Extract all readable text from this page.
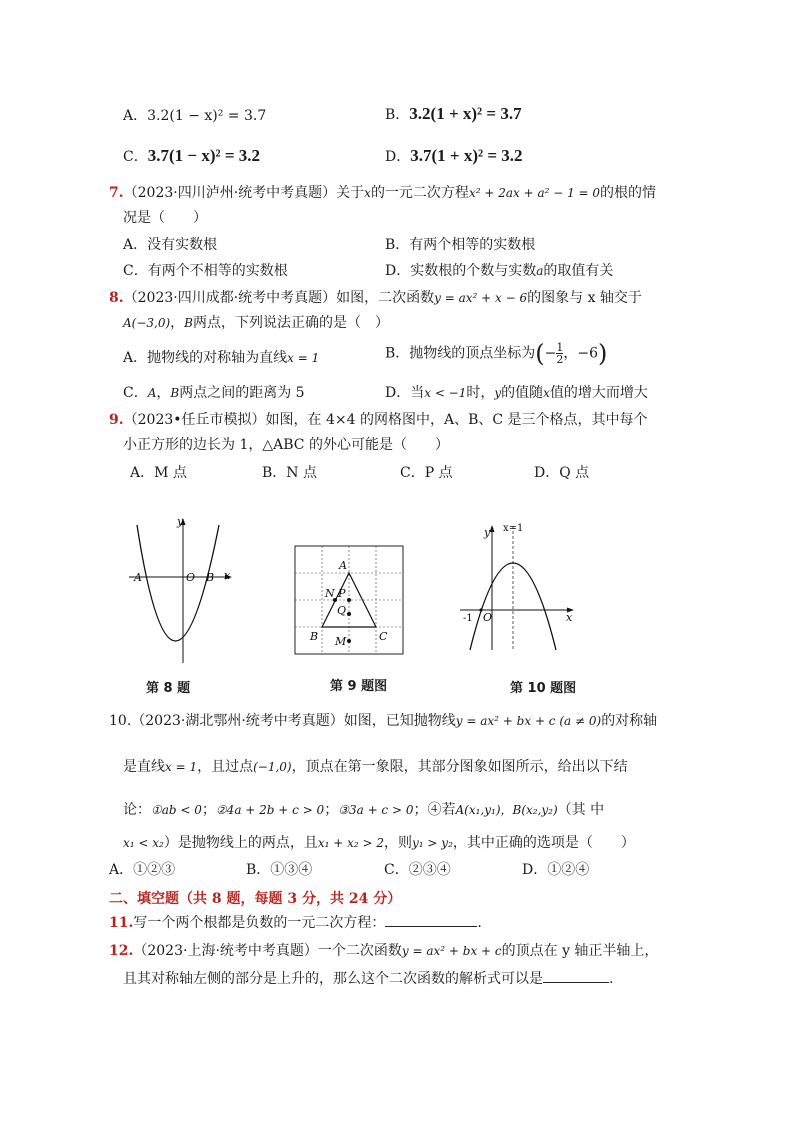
A．3.2(1 − x)² = 3.7	B．3.2(1 + x)² = 3.7
C．3.7(1 − x)² = 3.2	D．3.7(1 + x)² = 3.2
7.（2023·四川泸州·统考中考真题）关于x的一元二次方程x² + 2ax + a² − 1 = 0的根的情
况是（　　）
A．没有实数根	B．有两个相等的实数根
C．有两个不相等的实数根	D．实数根的个数与实数a的取值有关
8.（2023·四川成都·统考中考真题）如图，二次函数y = ax² + x − 6的图象与 x 轴交于
A(−3,0)，B两点，下列说法正确的是（　）
A．抛物线的对称轴为直线x = 1	B．抛物线的顶点坐标为(− $\frac{1}{2}$ ，−6)
C．A，B两点之间的距离为 5	D．当x < −1时，y的值随x值的增大而增大
9.（2023•任丘市模拟）如图，在 4×4 的网格图中，A、B、C 是三个格点，其中每个
小正方形的边长为 1，△ABC 的外心可能是（　　）
A．M 点	B．N 点	C．P 点	D．Q 点
y
x
A	O B
第 8 题
A
N P
Q
B M	C
第 9 题图
y x=1
-1 O	x
第 10 题图
10.（2023·湖北鄂州·统考中考真题）如图，已知抛物线y = ax² + bx + c (a ≠ 0)的对称轴
是直线x = 1，且过点(−1,0)，顶点在第一象限，其部分图象如图所示，给出以下结
论：①ab < 0；②4a + 2b + c > 0；③3a + c > 0；④若A(x₁,y₁)，B(x₂,y₂)（其 中
x₁ < x₂）是抛物线上的两点，且x₁ + x₂ > 2，则y₁ > y₂，其中正确的选项是（　　）
A．①②③	B．①③④	C．②③④	D．①②④
二、填空题（共 8 题，每题 3 分，共 24 分）
11.写一个两个根都是负数的一元二次方程：	.
12.（2023·上海·统考中考真题）一个二次函数y = ax² + bx + c的顶点在 y 轴正半轴上，
且其对称轴左侧的部分是上升的，那么这个二次函数的解析式可以是	.
